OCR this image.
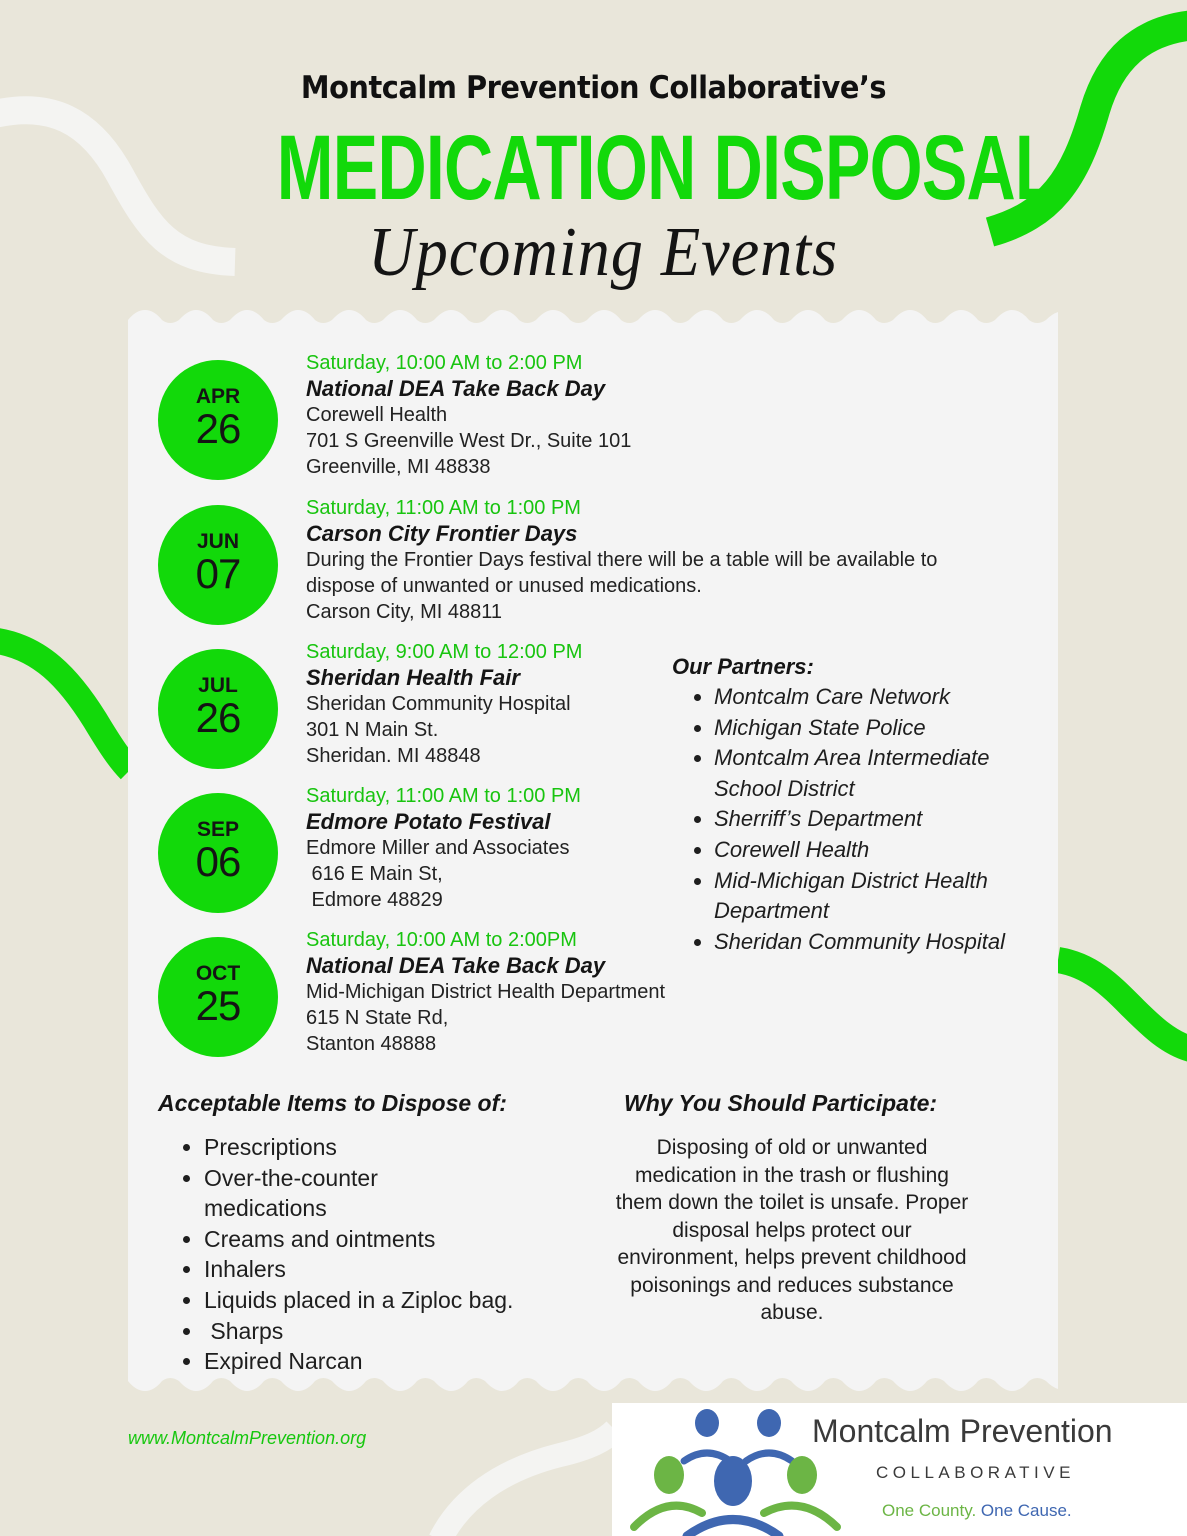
Montcalm Prevention Collaborative’s
MEDICATION DISPOSAL
Upcoming Events
APR
26
Saturday, 10:00 AM to 2:00 PM
National DEA Take Back Day
Corewell Health
701 S Greenville West Dr., Suite 101
Greenville, MI 48838
JUN
07
Saturday, 11:00 AM to 1:00 PM
Carson City Frontier Days
During the Frontier Days festival there will be a table will be available to
dispose of unwanted or unused medications.
Carson City, MI 48811
JUL
26
Saturday, 9:00 AM to 12:00 PM
Sheridan Health Fair
Sheridan Community Hospital
301 N Main St.
Sheridan. MI 48848
SEP
06
Saturday, 11:00 AM to 1:00 PM
Edmore Potato Festival
Edmore Miller and Associates
616 E Main St,
Edmore 48829
OCT
25
Saturday, 10:00 AM to 2:00PM
National DEA Take Back Day
Mid-Michigan District Health Department
615 N State Rd,
Stanton 48888
Our Partners:
• Montcalm Care Network
• Michigan State Police
• Montcalm Area Intermediate School District
• Sherriff’s Department
• Corewell Health
• Mid-Michigan District Health Department
• Sheridan Community Hospital
Acceptable Items to Dispose of:
• Prescriptions
• Over-the-counter medications
• Creams and ointments
• Inhalers
• Liquids placed in a Ziploc bag.
•  Sharps
• Expired Narcan
Why You Should Participate:

Disposing of old or unwanted medication in the trash or flushing them down the toilet is unsafe. Proper disposal helps protect our environment, helps prevent childhood poisonings and reduces substance abuse.

www.MontcalmPrevention.org	Montcalm Prevention
COLLABORATIVE
One County. One Cause.
